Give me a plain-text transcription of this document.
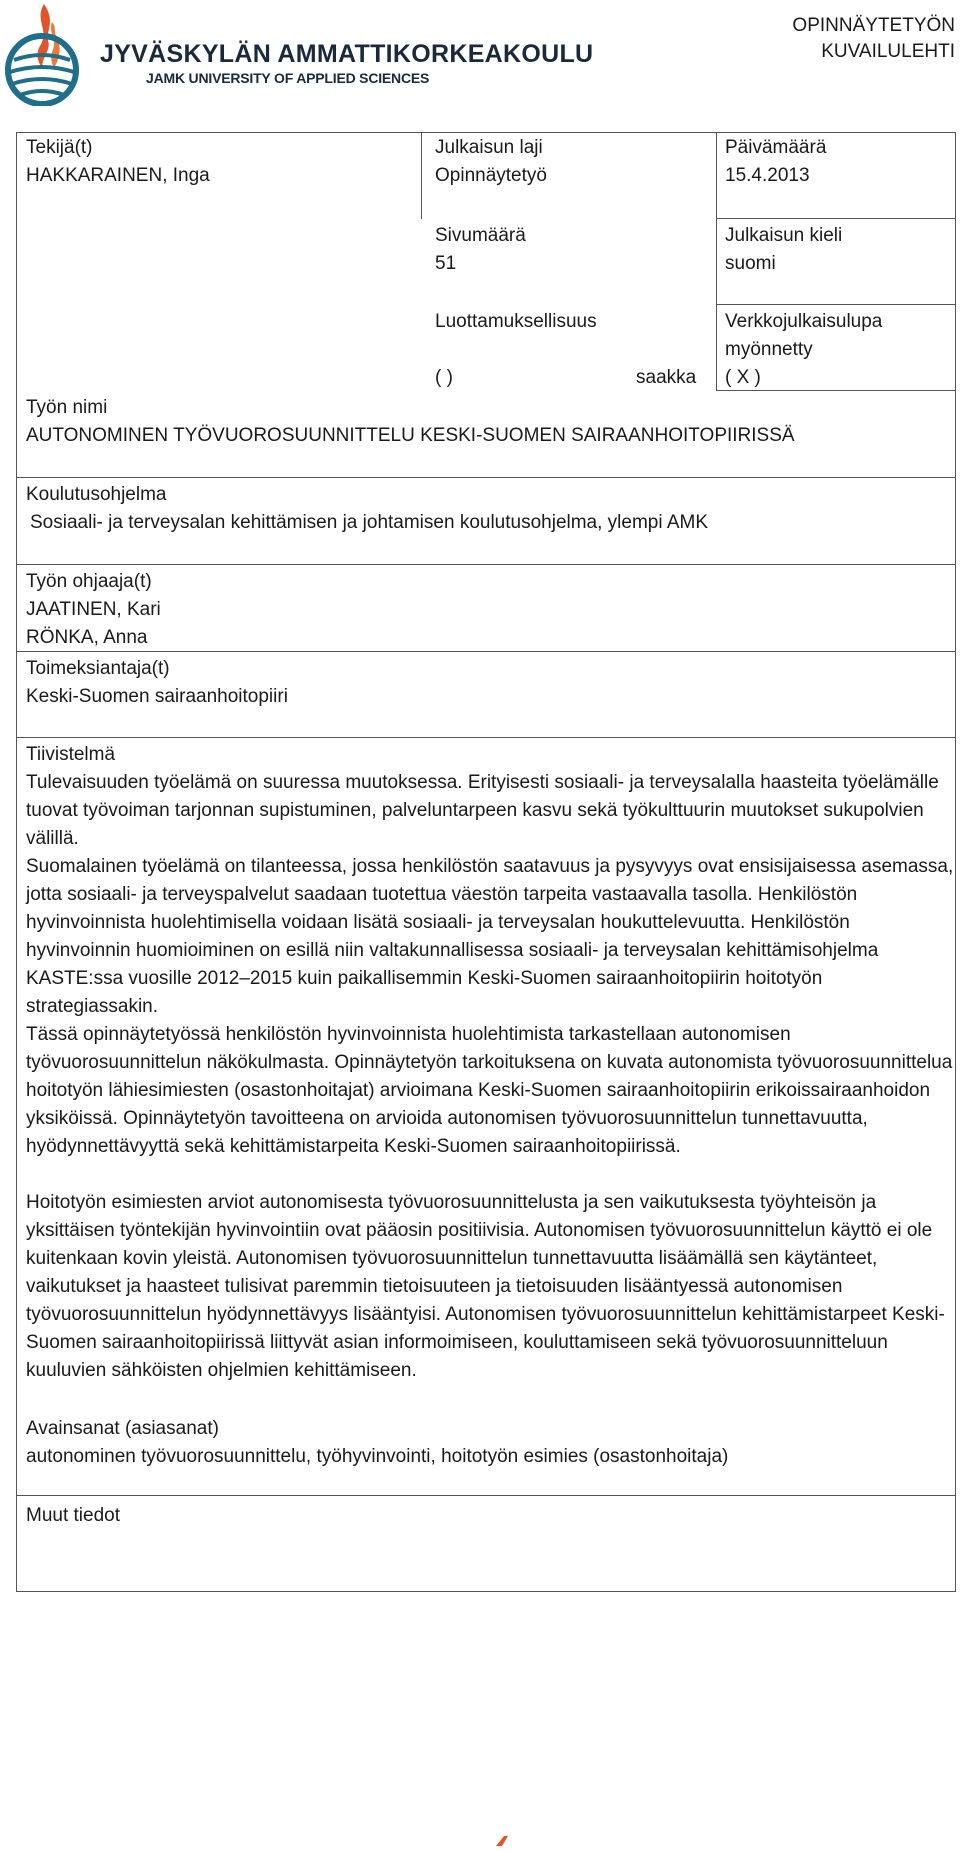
JYVÄSKYLÄN AMMATTIKORKEAKOULU
JAMK UNIVERSITY OF APPLIED SCIENCES
OPINNÄYTETYÖN
KUVAILULEHTI
Tekijä(t)
HAKKARAINEN, Inga
Julkaisun laji
Opinnäytetyö
Päivämäärä
15.4.2013
Sivumäärä
51
Julkaisun kieli
suomi
Luottamuksellisuus
( )	saakka
Verkkojulkaisulupa
myönnetty
( X )
Työn nimi
AUTONOMINEN TYÖVUOROSUUNNITTELU KESKI-SUOMEN SAIRAANHOITOPIIRISSÄ
Koulutusohjelma
Sosiaali- ja terveysalan kehittämisen ja johtamisen koulutusohjelma, ylempi AMK
Työn ohjaaja(t)
JAATINEN, Kari
RÖNKA, Anna
Toimeksiantaja(t)
Keski-Suomen sairaanhoitopiiri
Tiivistelmä
Tulevaisuuden työelämä on suuressa muutoksessa. Erityisesti sosiaali- ja terveysalalla haasteita työelämälle tuovat työvoiman tarjonnan supistuminen, palveluntarpeen kasvu sekä työkulttuurin muutokset sukupolvien välillä.
Suomalainen työelämä on tilanteessa, jossa henkilöstön saatavuus ja pysyvyys ovat ensisijaisessa asemassa, jotta sosiaali- ja terveyspalvelut saadaan tuotettua väestön tarpeita vastaavalla tasolla. Henkilöstön hyvinvoinnista huolehtimisella voidaan lisätä sosiaali- ja terveysalan houkuttelevuutta. Henkilöstön hyvinvoinnin huomioiminen on esillä niin valtakunnallisessa sosiaali- ja terveysalan kehittämisohjelma KASTE:ssa vuosille 2012–2015 kuin paikallisemmin Keski-Suomen sairaanhoitopiirin hoitotyön strategiassakin.
Tässä opinnäytetyössä henkilöstön hyvinvoinnista huolehtimista tarkastellaan autonomisen työvuorosuunnittelun näkökulmasta. Opinnäytetyön tarkoituksena on kuvata autonomista työvuorosuunnittelua hoitotyön lähiesimiesten (osastonhoitajat) arvioimana Keski-Suomen sairaanhoitopiirin erikoissairaanhoidon yksiköissä. Opinnäytetyön tavoitteena on arvioida autonomisen työvuorosuunnittelun tunnettavuutta, hyödynnettävyyttä sekä kehittämistarpeita Keski-Suomen sairaanhoitopiirissä.
Hoitotyön esimiesten arviot autonomisesta työvuorosuunnittelusta ja sen vaikutuksesta työyhteisön ja yksittäisen työntekijän hyvinvointiin ovat pääosin positiivisia. Autonomisen työvuorosuunnittelun käyttö ei ole kuitenkaan kovin yleistä. Autonomisen työvuorosuunnittelun tunnettavuutta lisäämällä sen käytänteet, vaikutukset ja haasteet tulisivat paremmin tietoisuuteen ja tietoisuuden lisääntyessä autonomisen työvuorosuunnittelun hyödynnettävyys lisääntyisi. Autonomisen työvuorosuunnittelun kehittämistarpeet Keski-Suomen sairaanhoitopiirissä liittyvät asian informoimiseen, kouluttamiseen sekä työvuorosuunnitteluun kuuluvien sähköisten ohjelmien kehittämiseen.
Avainsanat (asiasanat)
autonominen työvuorosuunnittelu, työhyvinvointi, hoitotyön esimies (osastonhoitaja)
Muut tiedot
